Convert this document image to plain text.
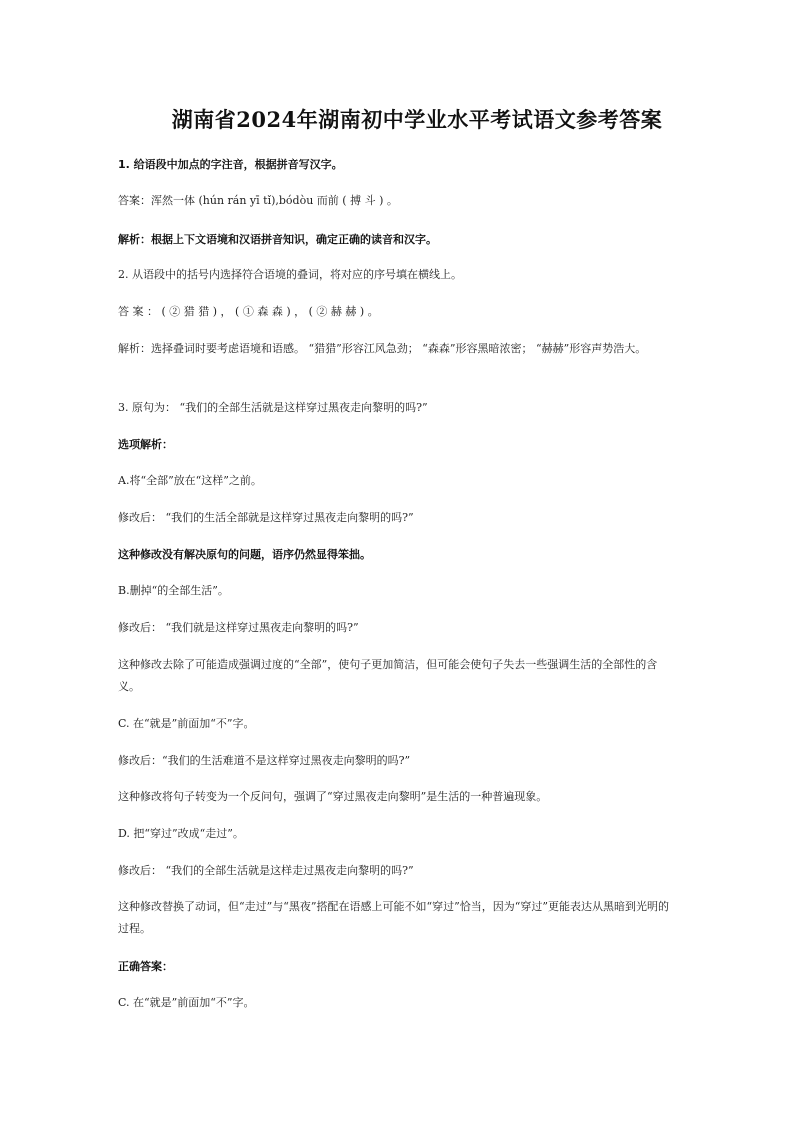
湖南省2024年湖南初中学业水平考试语文参考答案
1. 给语段中加点的字注音，根据拼音写汉字。
答案：浑然一体 (hún rán yī tǐ),bódòu 而前 ( 搏 斗 ) 。
解析：根据上下文语境和汉语拼音知识，确定正确的读音和汉字。
2. 从语段中的括号内选择符合语境的叠词，将对应的序号填在横线上。
答 案 ： ( ② 猎 猎 ) ， ( ① 森 森 ) ， ( ② 赫 赫 ) 。
解析：选择叠词时要考虑语境和语感。 “猎猎”形容江风急劲； “森森”形容黑暗浓密； “赫赫”形容声势浩大。
3. 原句为： “我们的全部生活就是这样穿过黑夜走向黎明的吗?”
选项解析：
A.将“全部”放在“这样”之前。
修改后： “我们的生活全部就是这样穿过黑夜走向黎明的吗?”
这种修改没有解决原句的问题，语序仍然显得笨拙。
B.删掉“的全部生活”。
修改后： “我们就是这样穿过黑夜走向黎明的吗?”
这种修改去除了可能造成强调过度的“全部”，使句子更加简洁，但可能会使句子失去一些强调生活的全部性的含义。
C. 在“就是”前面加“不”字。
修改后：“我们的生活难道不是这样穿过黑夜走向黎明的吗?”
这种修改将句子转变为一个反问句，强调了“穿过黑夜走向黎明”是生活的一种普遍现象。
D. 把“穿过”改成“走过”。
修改后： “我们的全部生活就是这样走过黑夜走向黎明的吗?”
这种修改替换了动词，但“走过”与“黑夜”搭配在语感上可能不如“穿过”恰当，因为“穿过”更能表达从黑暗到光明的过程。
正确答案：
C. 在“就是”前面加“不”字。
